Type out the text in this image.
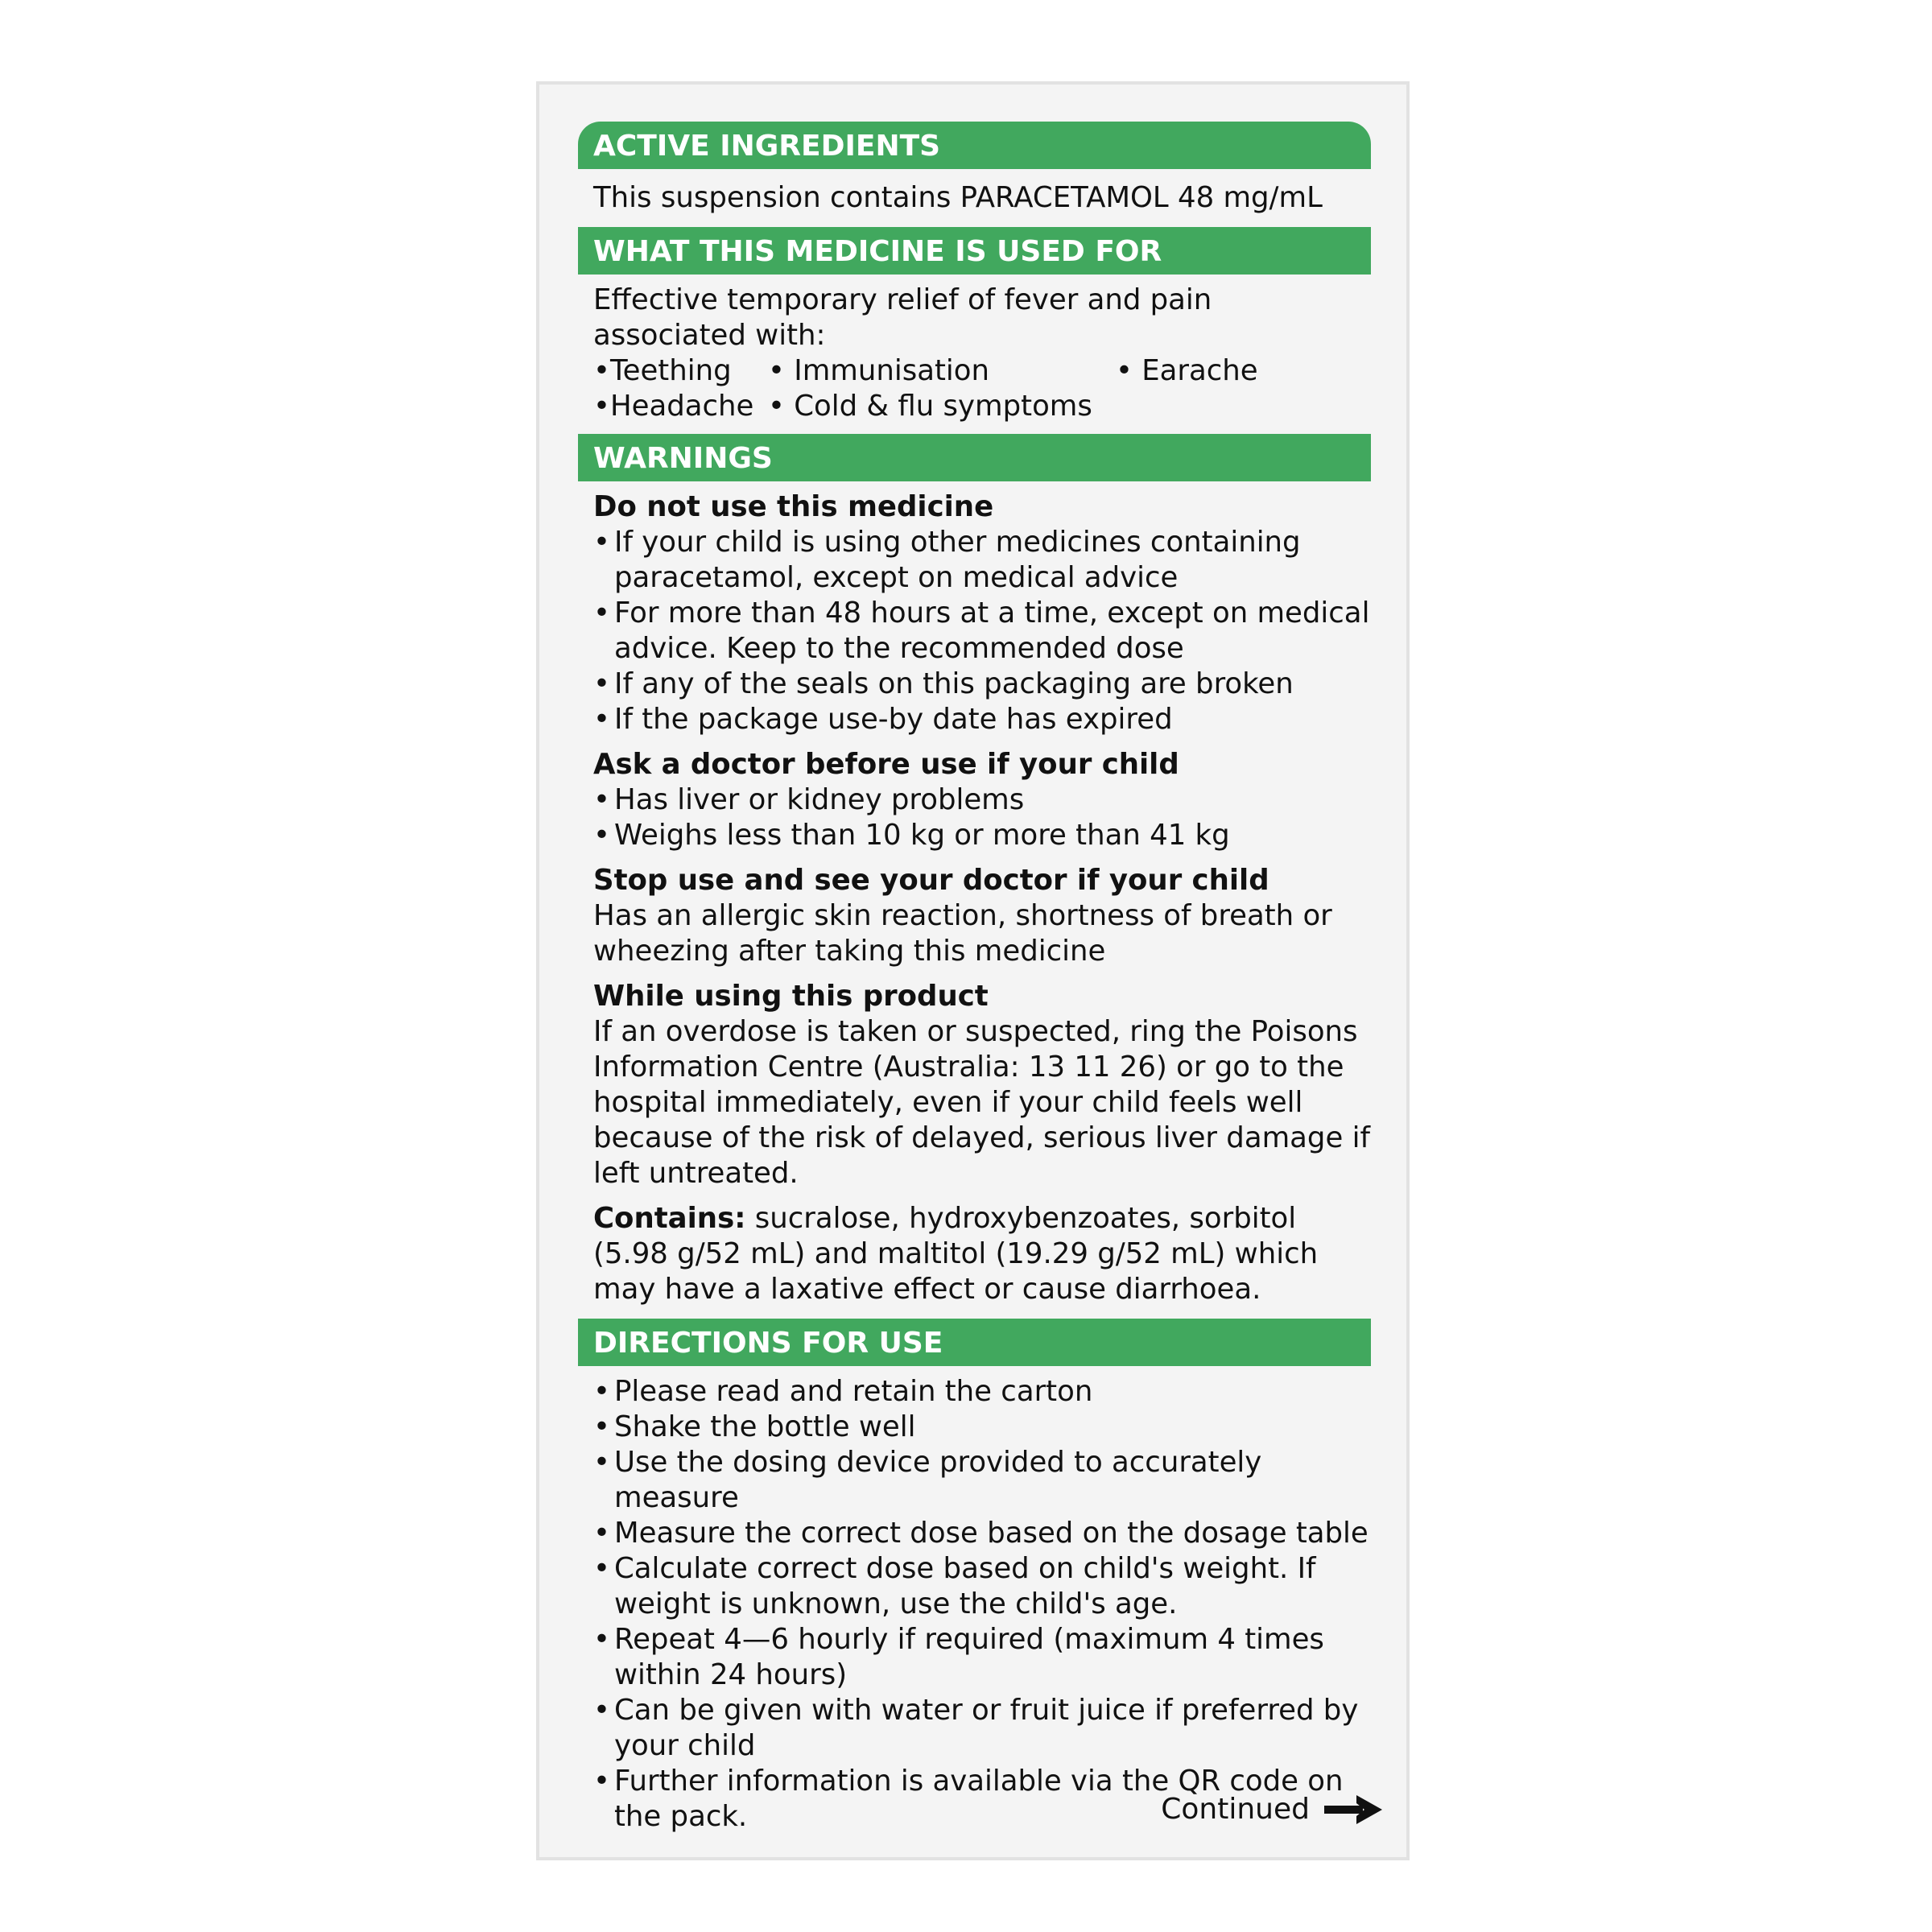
ACTIVE INGREDIENTS

This suspension contains PARACETAMOL 48 mg/mL

WHAT THIS MEDICINE IS USED FOR

Effective temporary relief of fever and pain associated with:

•Teething	• Immunisation	• Earache
•Headache • Cold & flu symptoms
WARNINGS

Do not use this medicine

• If your child is using other medicines containing paracetamol, except on medical advice
• For more than 48 hours at a time, except on medical advice. Keep to the recommended dose
• If any of the seals on this packaging are broken
• If the package use-by date has expired

Ask a doctor before use if your child

• Has liver or kidney problems
• Weighs less than 10 kg or more than 41 kg

Stop use and see your doctor if your child

Has an allergic skin reaction, shortness of breath or wheezing after taking this medicine

While using this product

If an overdose is taken or suspected, ring the Poisons Information Centre (Australia: 13 11 26) or go to the hospital immediately, even if your child feels well because of the risk of delayed, serious liver damage if left untreated.

Contains: sucralose, hydroxybenzoates, sorbitol (5.98 g/52 mL) and maltitol (19.29 g/52 mL) which may have a laxative effect or cause diarrhoea.

DIRECTIONS FOR USE
• Please read and retain the carton
• Shake the bottle well
• Use the dosing device provided to accurately measure
• Measure the correct dose based on the dosage table
• Calculate correct dose based on child's weight. If weight is unknown, use the child's age.
• Repeat 4—6 hourly if required (maximum 4 times within 24 hours)
• Can be given with water or fruit juice if preferred by your child
• Further information is available via the QR code on the pack.	Continued
